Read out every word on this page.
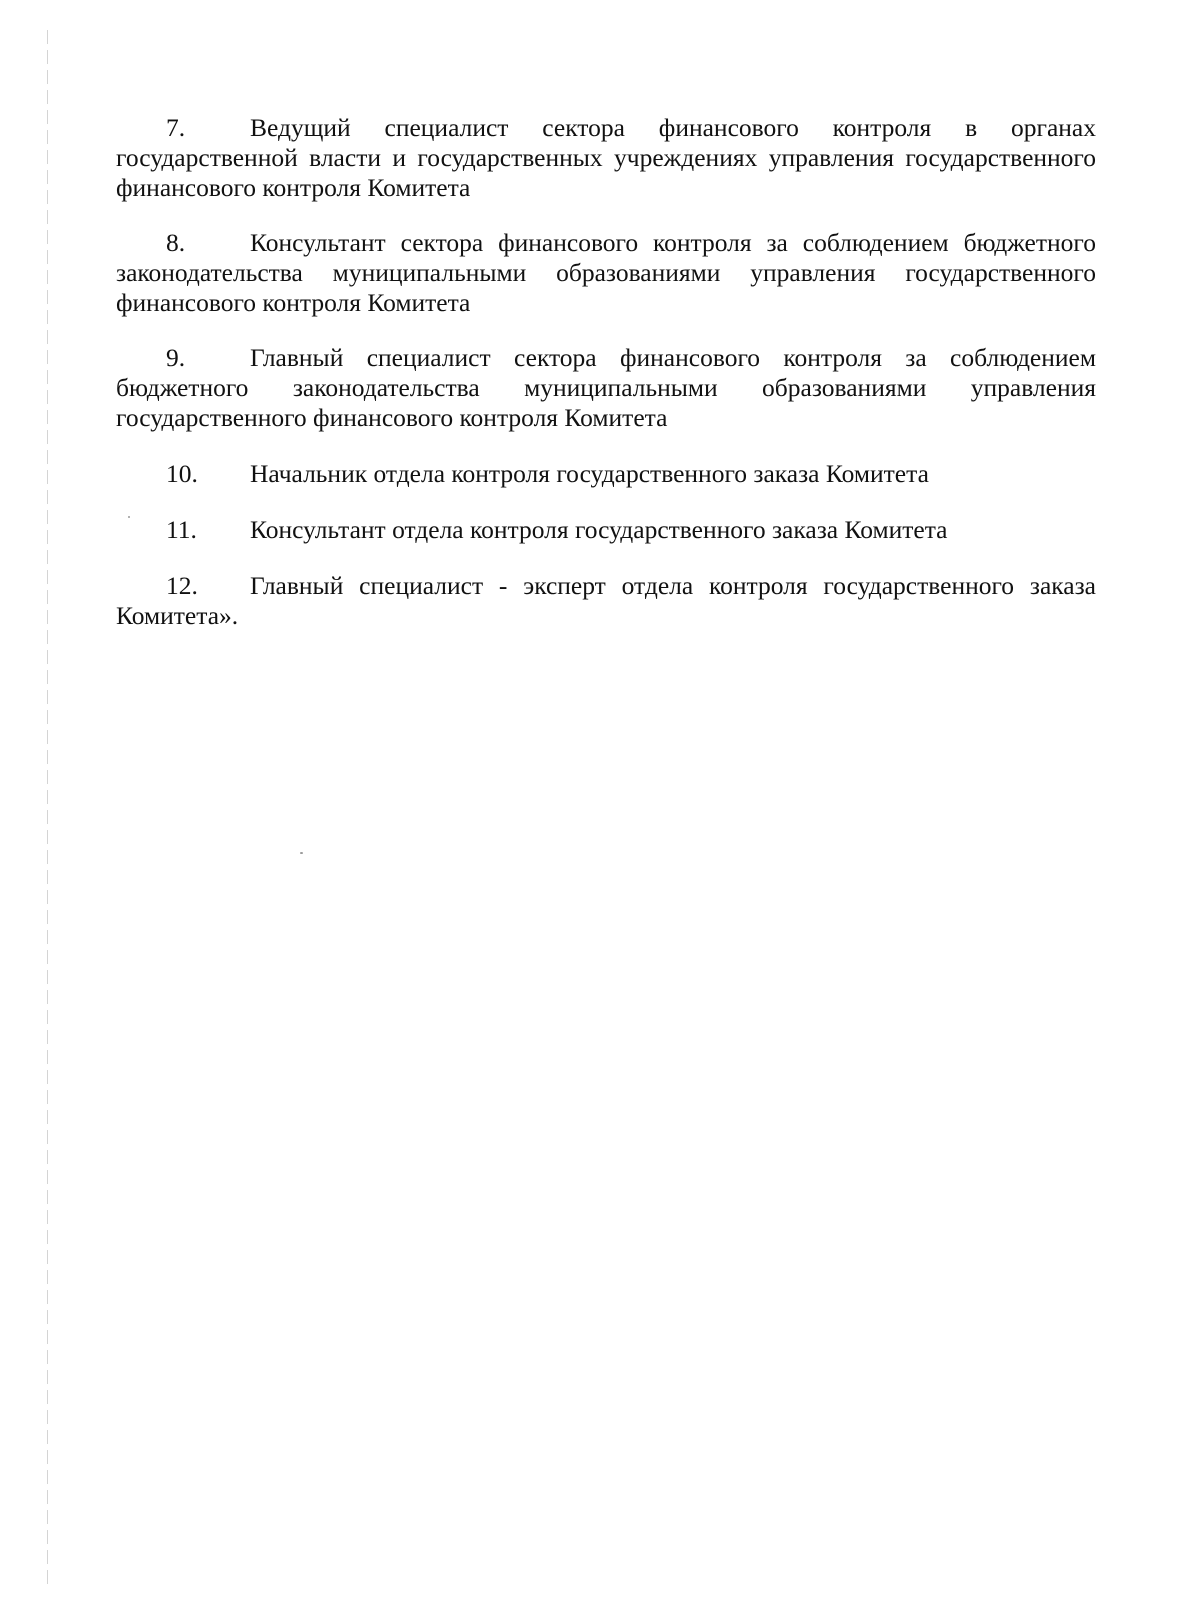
7.	Ведущий специалист сектора финансового контроля в органах государственной власти и государственных учреждениях управления государственного финансового контроля Комитета

8.	Консультант сектора финансового контроля за соблюдением бюджетного законодательства муниципальными образованиями управления государственного финансового контроля Комитета

9.	Главный специалист сектора финансового контроля за соблюдением бюджетного законодательства муниципальными образованиями управления государственного финансового контроля Комитета

10. Начальник отдела контроля государственного заказа Комитета

11. Консультант отдела контроля государственного заказа Комитета

12. Главный специалист - эксперт отдела контроля государственного заказа Комитета».
